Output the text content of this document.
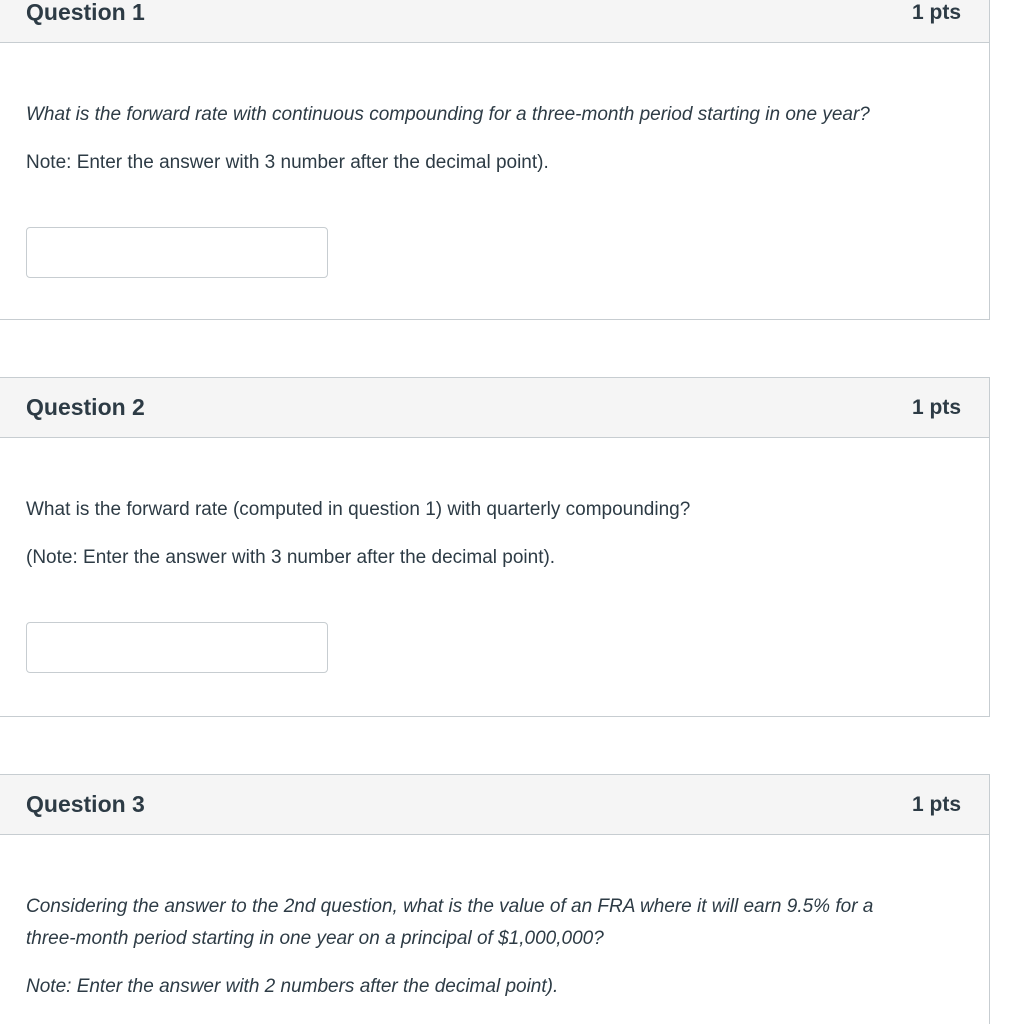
Question 1	1 pts

What is the forward rate with continuous compounding for a three-month period starting in one year?

Note: Enter the answer with 3 number after the decimal point).

Question 2	1 pts

What is the forward rate (computed in question 1) with quarterly compounding?

(Note: Enter the answer with 3 number after the decimal point).

Question 3	1 pts

Considering the answer to the 2nd question, what is the value of an FRA where it will earn 9.5% for a three-month period starting in one year on a principal of $1,000,000?

Note: Enter the answer with 2 numbers after the decimal point).
